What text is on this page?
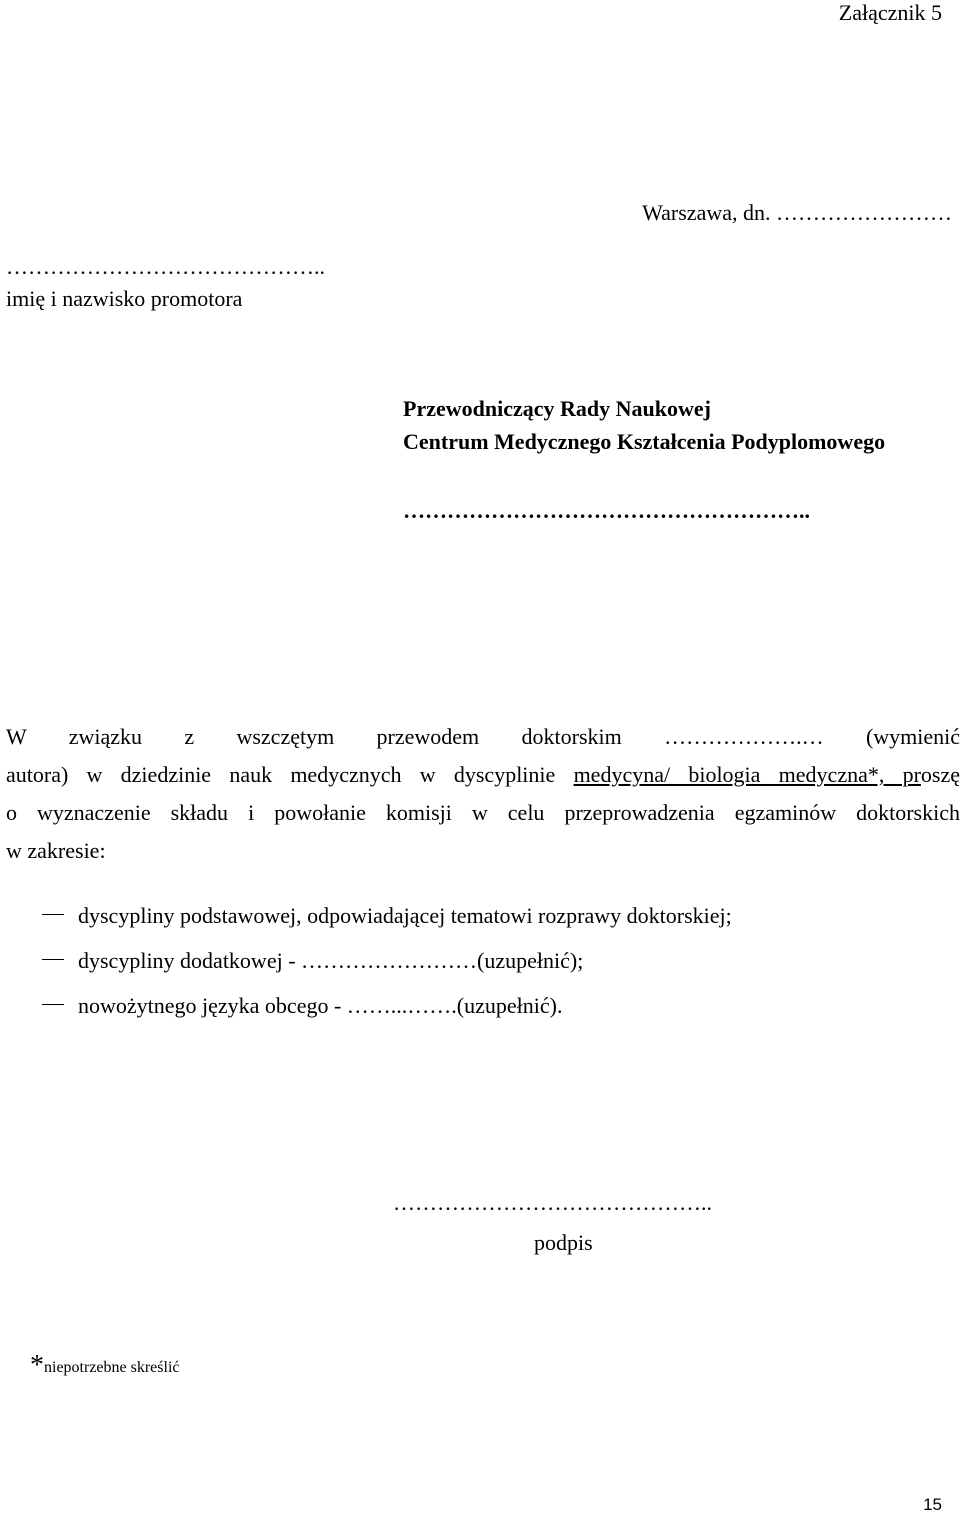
Załącznik 5
Warszawa, dn. ……………………
……………………………………..
imię i nazwisko promotora
Przewodniczący Rady Naukowej
Centrum Medycznego Kształcenia Podyplomowego
………………………………………………..
W związku z wszczętym przewodem doktorskim ……………….… (wymienić
autora) w dziedzinie nauk medycznych w dyscyplinie medycyna/ biologia medyczna*, proszę
o wyznaczenie składu i powołanie komisji w celu przeprowadzenia egzaminów doktorskich
w zakresie:
dyscypliny podstawowej, odpowiadającej tematowi rozprawy doktorskiej;
dyscypliny dodatkowej - ……………………(uzupełnić);
nowożytnego języka obcego - ……...…….(uzupełnić).
……………………………………..
podpis
*niepotrzebne skreślić
15
